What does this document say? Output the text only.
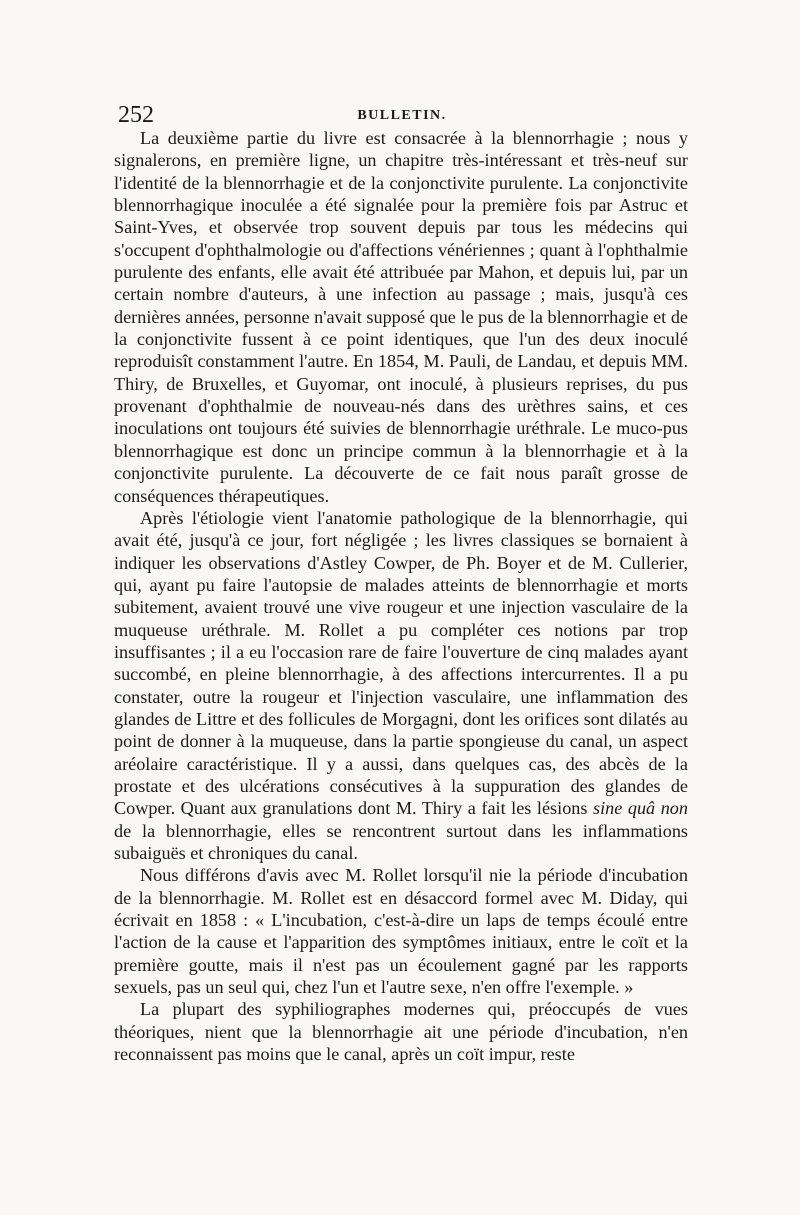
252	BULLETIN.

La deuxième partie du livre est consacrée à la blennorrhagie ; nous y signalerons, en première ligne, un chapitre très-intéressant et très-neuf sur l'identité de la blennorrhagie et de la conjonctivite purulente. La conjonctivite blennorrhagique inoculée a été signalée pour la première fois par Astruc et Saint-Yves, et observée trop souvent depuis par tous les médecins qui s'occupent d'ophthalmologie ou d'affections vénériennes ; quant à l'ophthalmie purulente des enfants, elle avait été attribuée par Mahon, et depuis lui, par un certain nombre d'auteurs, à une infection au passage ; mais, jusqu'à ces dernières années, personne n'avait supposé que le pus de la blennorrhagie et de la conjonctivite fussent à ce point identiques, que l'un des deux inoculé reproduisît constamment l'autre. En 1854, M. Pauli, de Landau, et depuis MM. Thiry, de Bruxelles, et Guyomar, ont inoculé, à plusieurs reprises, du pus provenant d'ophthalmie de nouveau-nés dans des urèthres sains, et ces inoculations ont toujours été suivies de blennorrhagie uréthrale. Le muco-pus blennorrhagique est donc un principe commun à la blennorrhagie et à la conjonctivite purulente. La découverte de ce fait nous paraît grosse de conséquences thérapeutiques.

Après l'étiologie vient l'anatomie pathologique de la blennorrhagie, qui avait été, jusqu'à ce jour, fort négligée ; les livres classiques se bornaient à indiquer les observations d'Astley Cowper, de Ph. Boyer et de M. Cullerier, qui, ayant pu faire l'autopsie de malades atteints de blennorrhagie et morts subitement, avaient trouvé une vive rougeur et une injection vasculaire de la muqueuse uréthrale. M. Rollet a pu compléter ces notions par trop insuffisantes ; il a eu l'occasion rare de faire l'ouverture de cinq malades ayant succombé, en pleine blennorrhagie, à des affections intercurrentes. Il a pu constater, outre la rougeur et l'injection vasculaire, une inflammation des glandes de Littre et des follicules de Morgagni, dont les orifices sont dilatés au point de donner à la muqueuse, dans la partie spongieuse du canal, un aspect aréolaire caractéristique. Il y a aussi, dans quelques cas, des abcès de la prostate et des ulcérations consécutives à la suppuration des glandes de Cowper. Quant aux granulations dont M. Thiry a fait les lésions sine quâ non de la blennorrhagie, elles se rencontrent surtout dans les inflammations subaiguës et chroniques du canal.

Nous différons d'avis avec M. Rollet lorsqu'il nie la période d'incubation de la blennorrhagie. M. Rollet est en désaccord formel avec M. Diday, qui écrivait en 1858 : « L'incubation, c'est-à-dire un laps de temps écoulé entre l'action de la cause et l'apparition des symptômes initiaux, entre le coït et la première goutte, mais il n'est pas un écoulement gagné par les rapports sexuels, pas un seul qui, chez l'un et l'autre sexe, n'en offre l'exemple. »

La plupart des syphiliographes modernes qui, préoccupés de vues théoriques, nient que la blennorrhagie ait une période d'incubation, n'en reconnaissent pas moins que le canal, après un coït impur, reste
